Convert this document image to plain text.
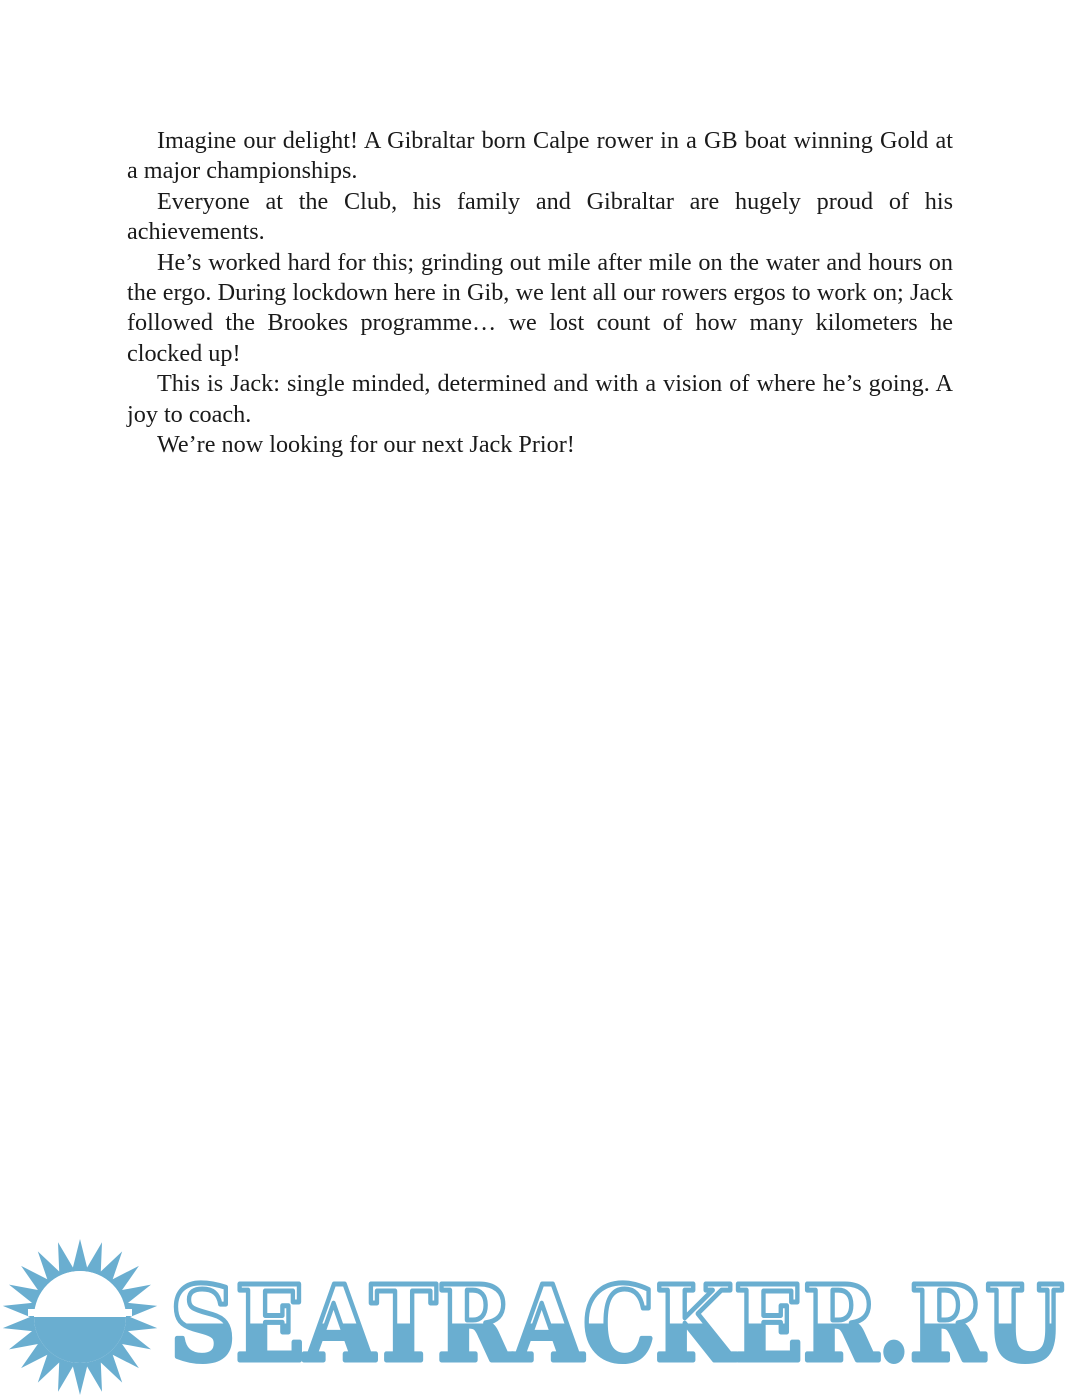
Imagine our delight! A Gibraltar born Calpe rower in a GB boat winning Gold at a major championships.

Everyone at the Club, his family and Gibraltar are hugely proud of his achievements.

He’s worked hard for this; grinding out mile after mile on the water and hours on the ergo. During lockdown here in Gib, we lent all our rowers ergos to work on; Jack followed the Brookes programme… we lost count of how many kilometers he clocked up!

This is Jack: single minded, determined and with a vision of where he’s going. A joy to coach.

We’re now looking for our next Jack Prior!

SEATRACKER.RU
